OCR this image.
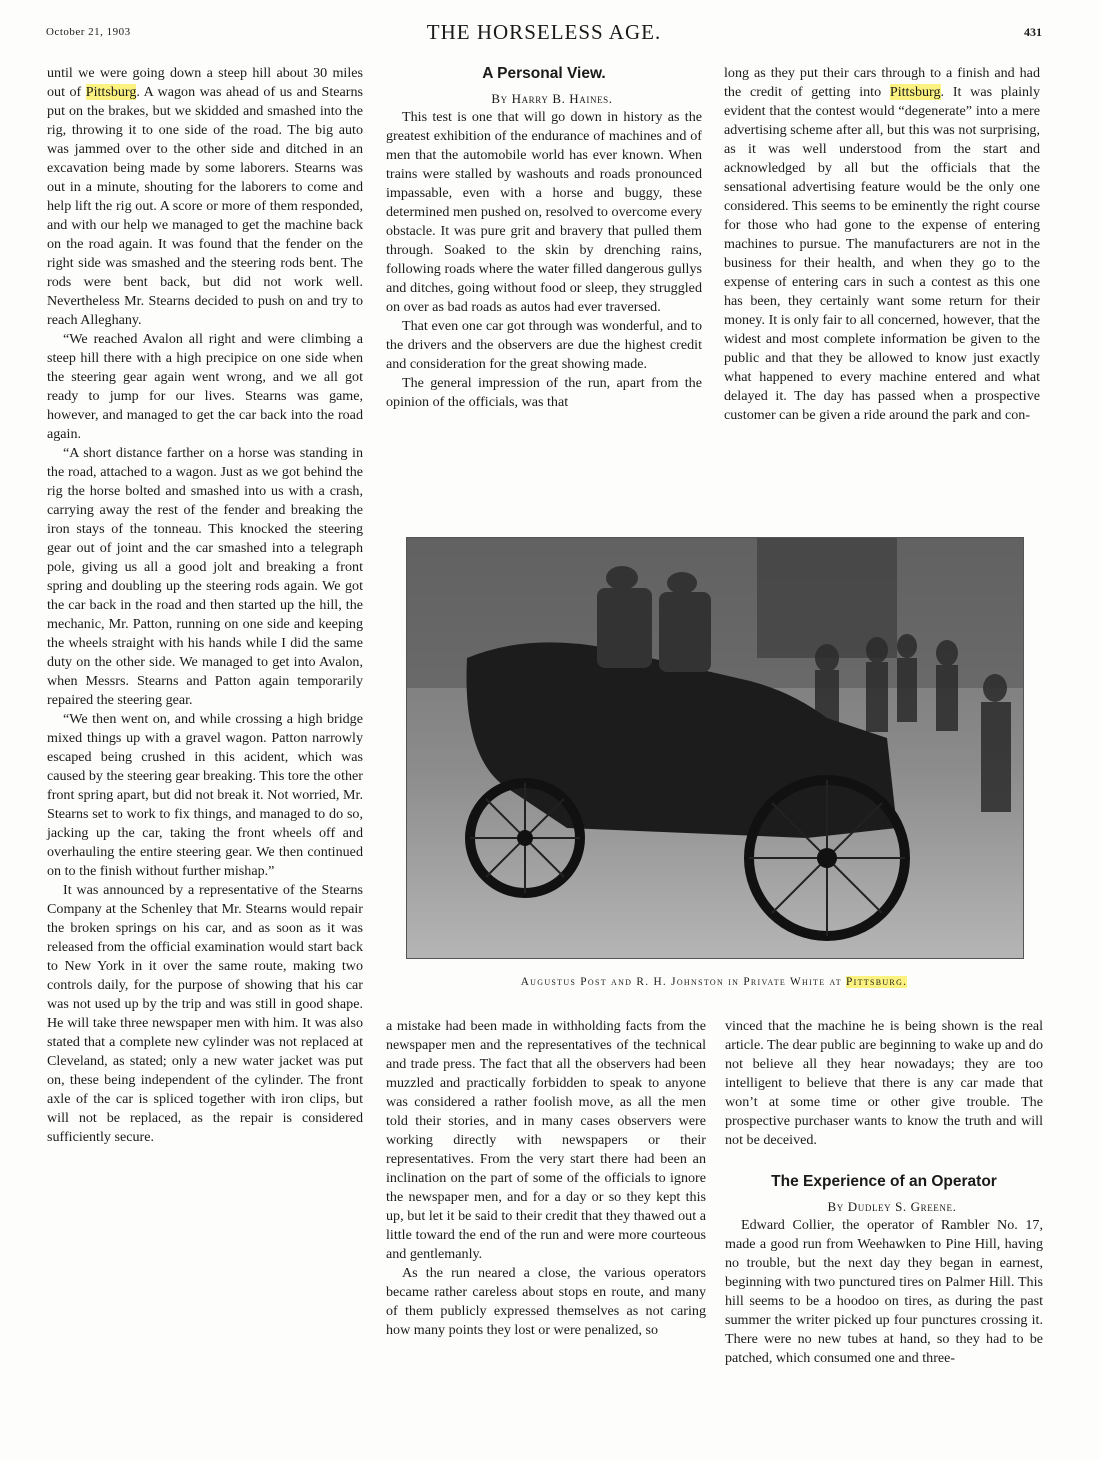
October 21, 1903	THE HORSELESS AGE.	431

until we were going down a steep hill about 30 miles out of Pittsburg. A wagon was ahead of us and Stearns put on the brakes, but we skidded and smashed into the rig, throwing it to one side of the road. The big auto was jammed over to the other side and ditched in an excavation being made by some laborers. Stearns was out in a minute, shouting for the laborers to come and help lift the rig out. A score or more of them responded, and with our help we managed to get the machine back on the road again. It was found that the fender on the right side was smashed and the steering rods bent. The rods were bent back, but did not work well. Nevertheless Mr. Stearns decided to push on and try to reach Alleghany.

“We reached Avalon all right and were climbing a steep hill there with a high precipice on one side when the steering gear again went wrong, and we all got ready to jump for our lives. Stearns was game, however, and managed to get the car back into the road again.

“A short distance farther on a horse was standing in the road, attached to a wagon. Just as we got behind the rig the horse bolted and smashed into us with a crash, carrying away the rest of the fender and breaking the iron stays of the tonneau. This knocked the steering gear out of joint and the car smashed into a telegraph pole, giving us all a good jolt and breaking a front spring and doubling up the steering rods again. We got the car back in the road and then started up the hill, the mechanic, Mr. Patton, running on one side and keeping the wheels straight with his hands while I did the same duty on the other side. We managed to get into Avalon, when Messrs. Stearns and Patton again temporarily repaired the steering gear.

“We then went on, and while crossing a high bridge mixed things up with a gravel wagon. Patton narrowly escaped being crushed in this acident, which was caused by the steering gear breaking. This tore the other front spring apart, but did not break it. Not worried, Mr. Stearns set to work to fix things, and managed to do so, jacking up the car, taking the front wheels off and overhauling the entire steering gear. We then continued on to the finish without further mishap.”

It was announced by a representative of the Stearns Company at the Schenley that Mr. Stearns would repair the broken springs on his car, and as soon as it was released from the official examination would start back to New York in it over the same route, making two controls daily, for the purpose of showing that his car was not used up by the trip and was still in good shape. He will take three newspaper men with him. It was also stated that a complete new cylinder was not replaced at Cleveland, as stated; only a new water jacket was put on, these being independent of the cylinder. The front axle of the car is spliced together with iron clips, but will not be replaced, as the repair is considered sufficiently secure.

A Personal View.

By Harry B. Haines.

This test is one that will go down in history as the greatest exhibition of the endurance of machines and of men that the automobile world has ever known. When trains were stalled by washouts and roads pronounced impassable, even with a horse and buggy, these determined men pushed on, resolved to overcome every obstacle. It was pure grit and bravery that pulled them through. Soaked to the skin by drenching rains, following roads where the water filled dangerous gullys and ditches, going without food or sleep, they struggled on over as bad roads as autos had ever traversed.

That even one car got through was wonderful, and to the drivers and the observers are due the highest credit and consideration for the great showing made.

The general impression of the run, apart from the opinion of the officials, was that

long as they put their cars through to a finish and had the credit of getting into Pittsburg. It was plainly evident that the contest would “degenerate” into a mere advertising scheme after all, but this was not surprising, as it was well understood from the start and acknowledged by all but the officials that the sensational advertising feature would be the only one considered. This seems to be eminently the right course for those who had gone to the expense of entering machines to pursue. The manufacturers are not in the business for their health, and when they go to the expense of entering cars in such a contest as this one has been, they certainly want some return for their money. It is only fair to all concerned, however, that the widest and most complete information be given to the public and that they be allowed to know just exactly what happened to every machine entered and what delayed it. The day has passed when a prospective customer can be given a ride around the park and con-

Augustus Post and R. H. Johnston in Private White at Pittsburg.

a mistake had been made in withholding facts from the newspaper men and the representatives of the technical and trade press. The fact that all the observers had been muzzled and practically forbidden to speak to anyone was considered a rather foolish move, as all the men told their stories, and in many cases observers were working directly with newspapers or their representatives. From the very start there had been an inclination on the part of some of the officials to ignore the newspaper men, and for a day or so they kept this up, but let it be said to their credit that they thawed out a little toward the end of the run and were more courteous and gentlemanly.

As the run neared a close, the various operators became rather careless about stops en route, and many of them publicly expressed themselves as not caring how many points they lost or were penalized, so

vinced that the machine he is being shown is the real article. The dear public are beginning to wake up and do not believe all they hear nowadays; they are too intelligent to believe that there is any car made that won’t at some time or other give trouble. The prospective purchaser wants to know the truth and will not be deceived.

The Experience of an Operator

By Dudley S. Greene.

Edward Collier, the operator of Rambler No. 17, made a good run from Weehawken to Pine Hill, having no trouble, but the next day they began in earnest, beginning with two punctured tires on Palmer Hill. This hill seems to be a hoodoo on tires, as during the past summer the writer picked up four punctures crossing it. There were no new tubes at hand, so they had to be patched, which consumed one and three-
